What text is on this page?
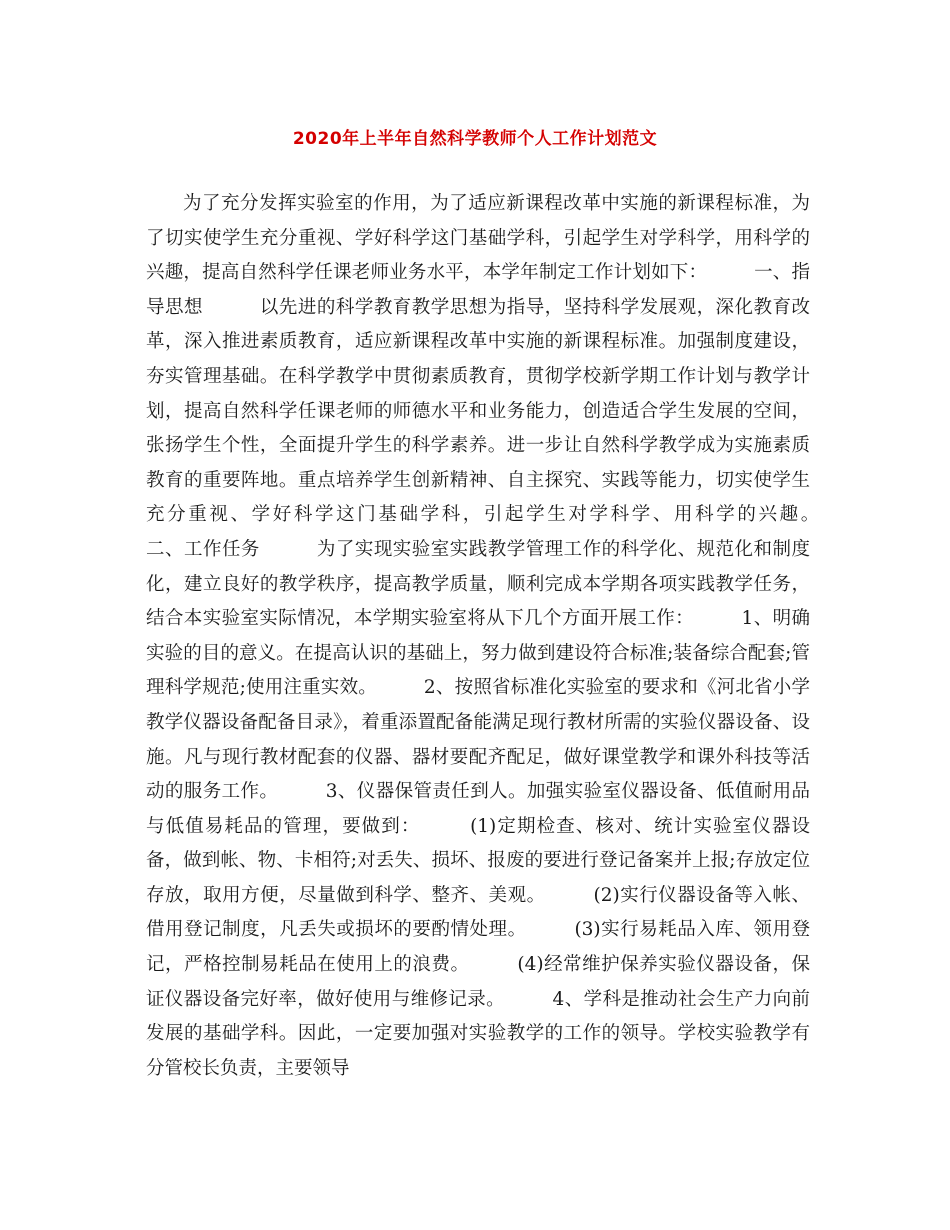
2020年上半年自然科学教师个人工作计划范文

为了充分发挥实验室的作用，为了适应新课程改革中实施的新课程标准，为了切实使学生充分重视、学好科学这门基础学科，引起学生对学科学，用科学的兴趣，提高自然科学任课老师业务水平，本学年制定工作计划如下：　　　一、指导思想　　　以先进的科学教育教学思想为指导，坚持科学发展观，深化教育改革，深入推进素质教育，适应新课程改革中实施的新课程标准。加强制度建设，夯实管理基础。在科学教学中贯彻素质教育，贯彻学校新学期工作计划与教学计划，提高自然科学任课老师的师德水平和业务能力，创造适合学生发展的空间，张扬学生个性，全面提升学生的科学素养。进一步让自然科学教学成为实施素质教育的重要阵地。重点培养学生创新精神、自主探究、实践等能力，切实使学生充分重视、学好科学这门基础学科，引起学生对学科学、用科学的兴趣。　　　二、工作任务　　　为了实现实验室实践教学管理工作的科学化、规范化和制度化，建立良好的教学秩序，提高教学质量，顺利完成本学期各项实践教学任务，结合本实验室实际情况，本学期实验室将从下几个方面开展工作：　　　1、明确实验的目的意义。在提高认识的基础上，努力做到建设符合标准;装备综合配套;管理科学规范;使用注重实效。　　　2、按照省标准化实验室的要求和《河北省小学教学仪器设备配备目录》，着重添置配备能满足现行教材所需的实验仪器设备、设施。凡与现行教材配套的仪器、器材要配齐配足，做好课堂教学和课外科技等活动的服务工作。　　　3、仪器保管责任到人。加强实验室仪器设备、低值耐用品与低值易耗品的管理，要做到：　　　(1)定期检查、核对、统计实验室仪器设备，做到帐、物、卡相符;对丢失、损坏、报废的要进行登记备案并上报;存放定位存放，取用方便，尽量做到科学、整齐、美观。　　　(2)实行仪器设备等入帐、借用登记制度，凡丢失或损坏的要酌情处理。　　　(3)实行易耗品入库、领用登记，严格控制易耗品在使用上的浪费。　　　(4)经常维护保养实验仪器设备，保证仪器设备完好率，做好使用与维修记录。　　　4、学科是推动社会生产力向前发展的基础学科。因此，一定要加强对实验教学的工作的领导。学校实验教学有分管校长负责，主要领导
